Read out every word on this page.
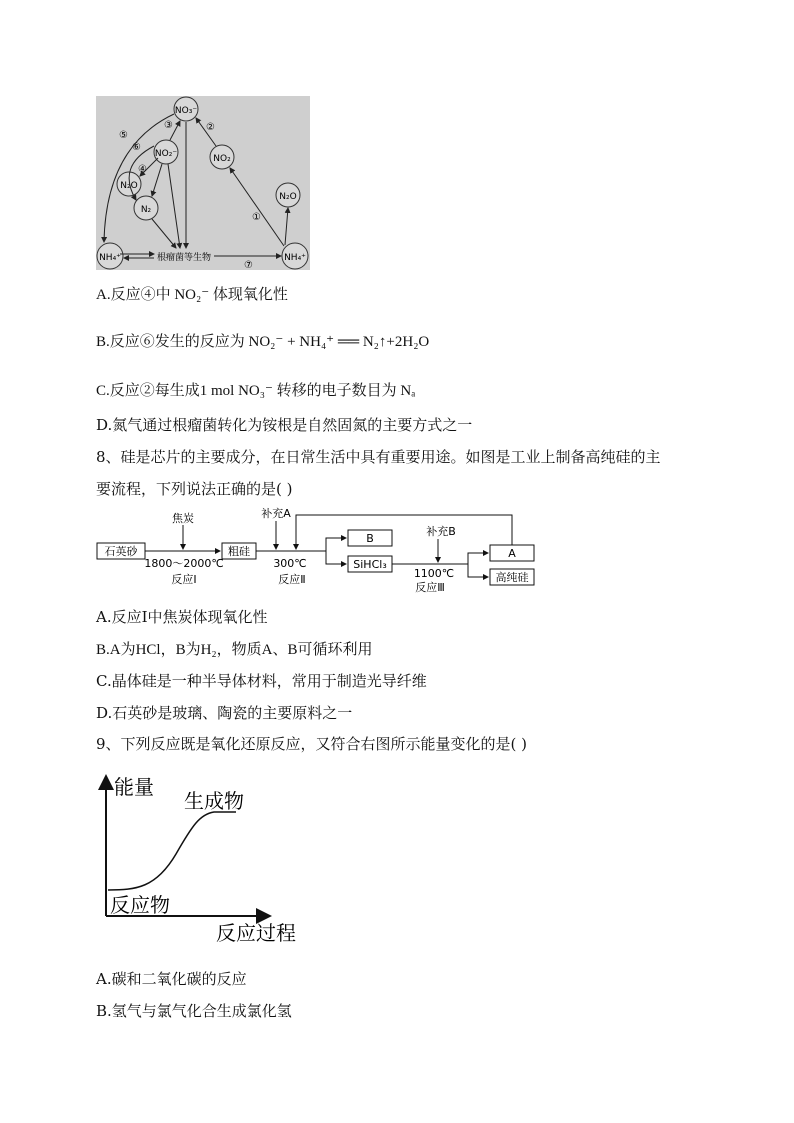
NO₃⁻
NO₂⁻	NO₂
N₂O
N₂O
N₂
NH₄⁺	NH₄⁺
根瘤菌等生物
⑤
⑥
③	②
④
①
⑦
A.反应④中 NO₂⁻ 体现氧化性
B.反应⑥发生的反应为 NO₂⁻ + NH₄⁺ ══ N₂↑+2H₂O
C.反应②每生成1 mol NO₃⁻ 转移的电子数目为 Nₐ
D.氮气通过根瘤菌转化为铵根是自然固氮的主要方式之一
8、硅是芯片的主要成分，在日常生活中具有重要用途。如图是工业上制备高纯硅的主
要流程，下列说法正确的是( )
石英砂
焦炭
1800～2000℃
反应Ⅰ
粗硅
补充A
300℃
反应Ⅱ
B
SiHCl₃
补充B
1100℃
反应Ⅲ
A
高纯硅
A.反应Ⅰ中焦炭体现氧化性
B.A为HCl，B为H₂，物质A、B可循环利用
C.晶体硅是一种半导体材料，常用于制造光导纤维
D.石英砂是玻璃、陶瓷的主要原料之一
9、下列反应既是氧化还原反应，又符合右图所示能量变化的是( )
能量
生成物
反应物
反应过程
A.碳和二氧化碳的反应
B.氢气与氯气化合生成氯化氢
